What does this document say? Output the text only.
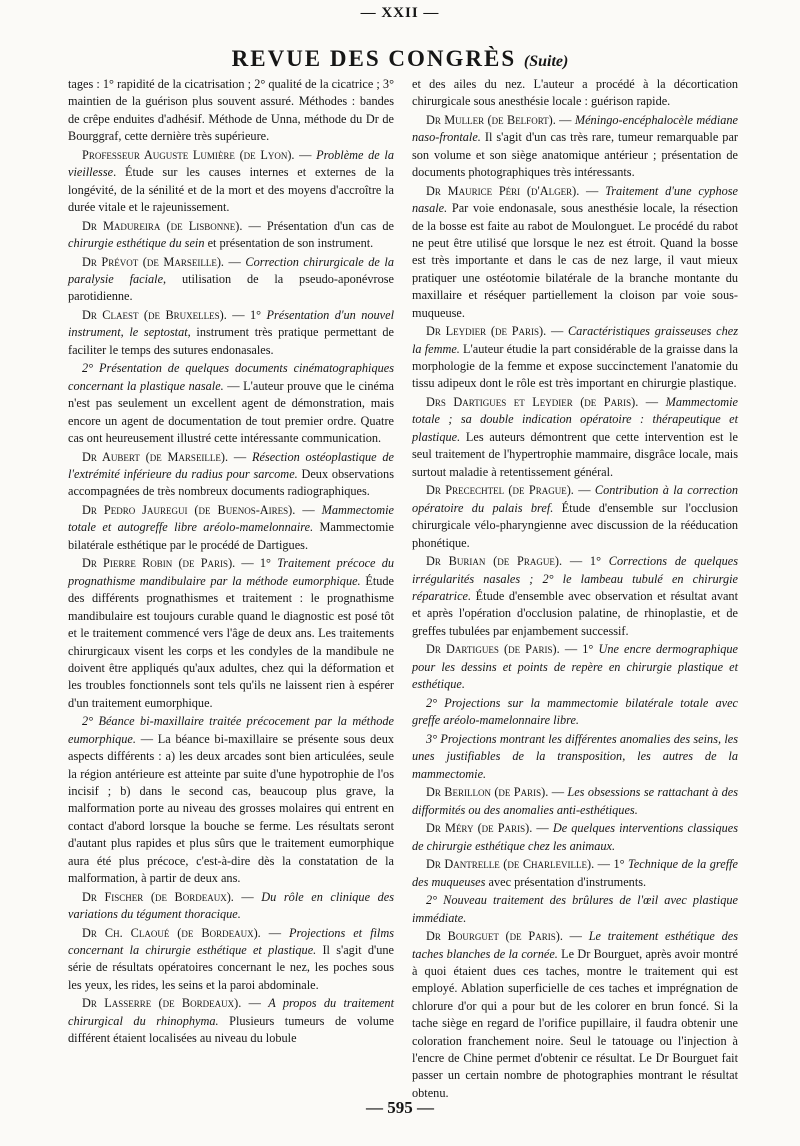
— XXII —
REVUE DES CONGRÈS (Suite)

tages : 1° rapidité de la cicatrisation ; 2° qualité de la cicatrice ; 3° maintien de la guérison plus souvent assuré. Méthodes : bandes de crêpe enduites d'adhésif. Méthode de Unna, méthode du Dr de Bourggraf, cette dernière très supérieure.

Professeur Auguste Lumière (de Lyon). — Problème de la vieillesse. Étude sur les causes internes et externes de la longévité, de la sénilité et de la mort et des moyens d'accroître la durée vitale et le rajeunissement.

Dr Madureira (de Lisbonne). — Présentation d'un cas de chirurgie esthétique du sein et présentation de son instrument.

Dr Prévot (de Marseille). — Correction chirurgicale de la paralysie faciale, utilisation de la pseudo-aponévrose parotidienne.

Dr Claest (de Bruxelles). — 1° Présentation d'un nouvel instrument, le septostat, instrument très pratique permettant de faciliter le temps des sutures endonasales.

2° Présentation de quelques documents cinématographiques concernant la plastique nasale. — L'auteur prouve que le cinéma n'est pas seulement un excellent agent de démonstration, mais encore un agent de documentation de tout premier ordre. Quatre cas ont heureusement illustré cette intéressante communication.

Dr Aubert (de Marseille). — Résection ostéoplastique de l'extrémité inférieure du radius pour sarcome. Deux observations accompagnées de très nombreux documents radiographiques.

Dr Pedro Jauregui (de Buenos-Aires). — Mammectomie totale et autogreffe libre aréolo-mamelonnaire. Mammectomie bilatérale esthétique par le procédé de Dartigues.

Dr Pierre Robin (de Paris). — 1° Traitement précoce du prognathisme mandibulaire par la méthode eumorphique. Étude des différents prognathismes et traitement : le prognathisme mandibulaire est toujours curable quand le diagnostic est posé tôt et le traitement commencé vers l'âge de deux ans. Les traitements chirurgicaux visent les corps et les condyles de la mandibule ne doivent être appliqués qu'aux adultes, chez qui la déformation et les troubles fonctionnels sont tels qu'ils ne laissent rien à espérer d'un traitement eumorphique.

2° Béance bi-maxillaire traitée précocement par la méthode eumorphique. — La béance bi-maxillaire se présente sous deux aspects différents : a) les deux arcades sont bien articulées, seule la région antérieure est atteinte par suite d'une hypotrophie de l'os incisif ; b) dans le second cas, beaucoup plus grave, la malformation porte au niveau des grosses molaires qui entrent en contact d'abord lorsque la bouche se ferme. Les résultats seront d'autant plus rapides et plus sûrs que le traitement eumorphique aura été plus précoce, c'est-à-dire dès la constatation de la malformation, à partir de deux ans.

Dr Fischer (de Bordeaux). — Du rôle en clinique des variations du tégument thoracique.

Dr Ch. Claoué (de Bordeaux). — Projections et films concernant la chirurgie esthétique et plastique. Il s'agit d'une série de résultats opératoires concernant le nez, les poches sous les yeux, les rides, les seins et la paroi abdominale.

Dr Lasserre (de Bordeaux). — A propos du traitement chirurgical du rhinophyma. Plusieurs tumeurs de volume différent étaient localisées au niveau du lobule

et des ailes du nez. L'auteur a procédé à la décortication chirurgicale sous anesthésie locale : guérison rapide.

Dr Muller (de Belfort). — Méningo-encéphalocèle médiane naso-frontale. Il s'agit d'un cas très rare, tumeur remarquable par son volume et son siège anatomique antérieur ; présentation de documents photographiques très intéressants.

Dr Maurice Péri (d'Alger). — Traitement d'une cyphose nasale. Par voie endonasale, sous anesthésie locale, la résection de la bosse est faite au rabot de Moulonguet. Le procédé du rabot ne peut être utilisé que lorsque le nez est étroit. Quand la bosse est très importante et dans le cas de nez large, il vaut mieux pratiquer une ostéotomie bilatérale de la branche montante du maxillaire et réséquer partiellement la cloison par voie sous-muqueuse.

Dr Leydier (de Paris). — Caractéristiques graisseuses chez la femme. L'auteur étudie la part considérable de la graisse dans la morphologie de la femme et expose succinctement l'anatomie du tissu adipeux dont le rôle est très important en chirurgie plastique.

Drs Dartigues et Leydier (de Paris). — Mammectomie totale ; sa double indication opératoire : thérapeutique et plastique. Les auteurs démontrent que cette intervention est le seul traitement de l'hypertrophie mammaire, disgrâce locale, mais surtout maladie à retentissement général.

Dr Precechtel (de Prague). — Contribution à la correction opératoire du palais bref. Étude d'ensemble sur l'occlusion chirurgicale vélo-pharyngienne avec discussion de la rééducation phonétique.

Dr Burian (de Prague). — 1° Corrections de quelques irrégularités nasales ; 2° le lambeau tubulé en chirurgie réparatrice. Étude d'ensemble avec observation et résultat avant et après l'opération d'occlusion palatine, de rhinoplastie, et de greffes tubulées par enjambement successif.

Dr Dartigues (de Paris). — 1° Une encre dermographique pour les dessins et points de repère en chirurgie plastique et esthétique.

2° Projections sur la mammectomie bilatérale totale avec greffe aréolo-mamelonnaire libre.

3° Projections montrant les différentes anomalies des seins, les unes justifiables de la transposition, les autres de la mammectomie.

Dr Berillon (de Paris). — Les obsessions se rattachant à des difformités ou des anomalies anti-esthétiques.

Dr Méry (de Paris). — De quelques interventions classiques de chirurgie esthétique chez les animaux.

Dr Dantrelle (de Charleville). — 1° Technique de la greffe des muqueuses avec présentation d'instruments.

2° Nouveau traitement des brûlures de l'œil avec plastique immédiate.

Dr Bourguet (de Paris). — Le traitement esthétique des taches blanches de la cornée. Le Dr Bourguet, après avoir montré à quoi étaient dues ces taches, montre le traitement qui est employé. Ablation superficielle de ces taches et imprégnation de chlorure d'or qui a pour but de les colorer en brun foncé. Si la tache siège en regard de l'orifice pupillaire, il faudra obtenir une coloration franchement noire. Seul le tatouage ou l'injection à l'encre de Chine permet d'obtenir ce résultat. Le Dr Bourguet fait passer un certain nombre de photographies montrant le résultat obtenu.

— 595 —
